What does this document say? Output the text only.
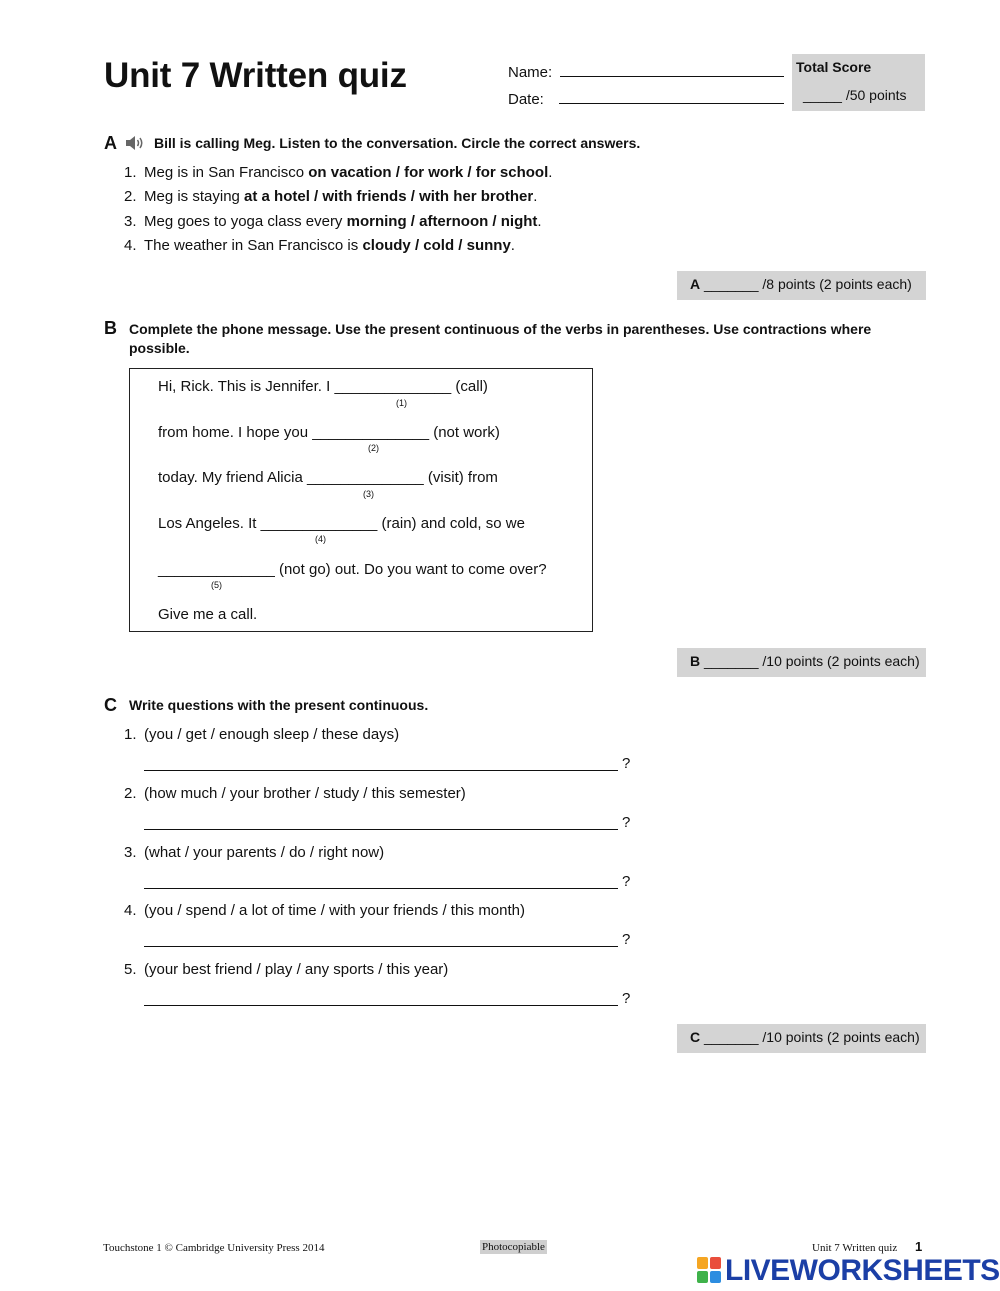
Unit 7 Written quiz	Name:
Date:
Total Score
_____ /50 points
A	Bill is calling Meg. Listen to the conversation. Circle the correct answers.
1. Meg is in San Francisco on vacation / for work / for school.
2. Meg is staying at a hotel / with friends / with her brother.
3. Meg goes to yoga class every morning / afternoon / night.
4. The weather in San Francisco is cloudy / cold / sunny.
A _______ /8 points (2 points each)
B Complete the phone message. Use the present continuous of the verbs in parentheses. Use contractions where possible.
Hi, Rick. This is Jennifer. I ______________ (call)
(1)
from home. I hope you ______________ (not work)
(2)
today. My friend Alicia ______________ (visit) from
(3)
Los Angeles. It ______________ (rain) and cold, so we
(4)
______________ (not go) out. Do you want to come over?
(5)
Give me a call.
B _______ /10 points (2 points each)
C Write questions with the present continuous.
1. (you / get / enough sleep / these days)
?
2. (how much / your brother / study / this semester)
?
3. (what / your parents / do / right now)
?
4. (you / spend / a lot of time / with your friends / this month)
?
5. (your best friend / play / any sports / this year)
?
C _______ /10 points (2 points each)
Touchstone 1 © Cambridge University Press 2014	Photocopiable	Unit 7 Written quiz 1
LIVEWORKSHEETS
